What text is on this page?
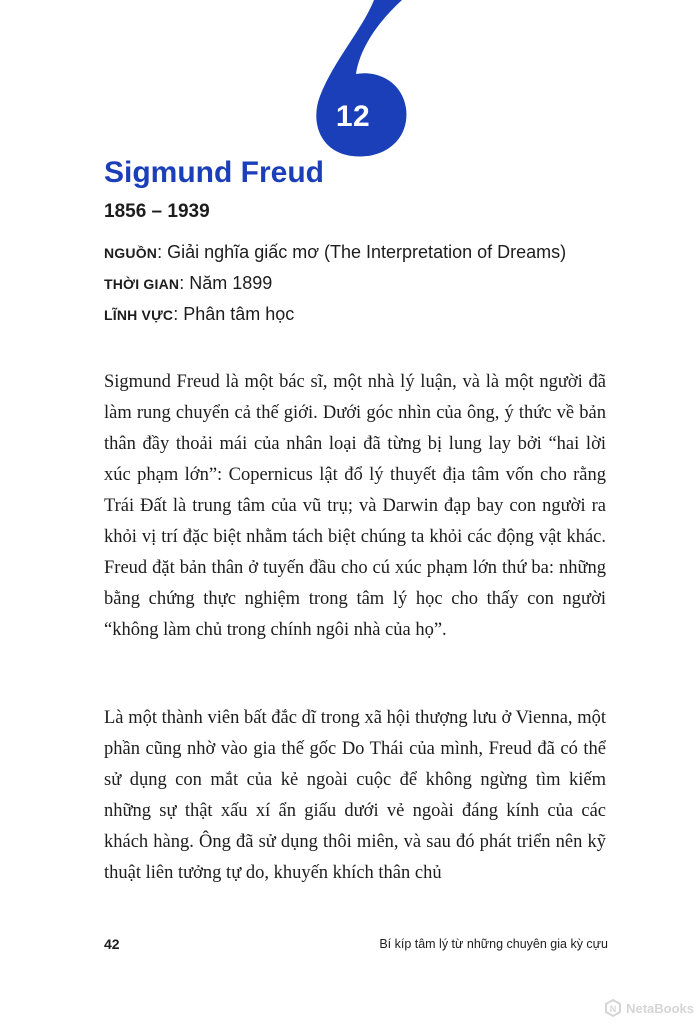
12
Sigmund Freud
1856 – 1939
NGUỒN: Giải nghĩa giấc mơ (The Interpretation of Dreams)
THỜI GIAN: Năm 1899
LĨNH VỰC: Phân tâm học

Sigmund Freud là một bác sĩ, một nhà lý luận, và là một người đã làm rung chuyển cả thế giới. Dưới góc nhìn của ông, ý thức về bản thân đầy thoải mái của nhân loại đã từng bị lung lay bởi “hai lời xúc phạm lớn”: Copernicus lật đổ lý thuyết địa tâm vốn cho rằng Trái Đất là trung tâm của vũ trụ; và Darwin đạp bay con người ra khỏi vị trí đặc biệt nhằm tách biệt chúng ta khỏi các động vật khác. Freud đặt bản thân ở tuyến đầu cho cú xúc phạm lớn thứ ba: những bằng chứng thực nghiệm trong tâm lý học cho thấy con người “không làm chủ trong chính ngôi nhà của họ”.

Là một thành viên bất đắc dĩ trong xã hội thượng lưu ở Vienna, một phần cũng nhờ vào gia thế gốc Do Thái của mình, Freud đã có thể sử dụng con mắt của kẻ ngoài cuộc để không ngừng tìm kiếm những sự thật xấu xí ẩn giấu dưới vẻ ngoài đáng kính của các khách hàng. Ông đã sử dụng thôi miên, và sau đó phát triển nên kỹ thuật liên tưởng tự do, khuyến khích thân chủ

42	Bí kíp tâm lý từ những chuyên gia kỳ cựu
N NetaBooks
